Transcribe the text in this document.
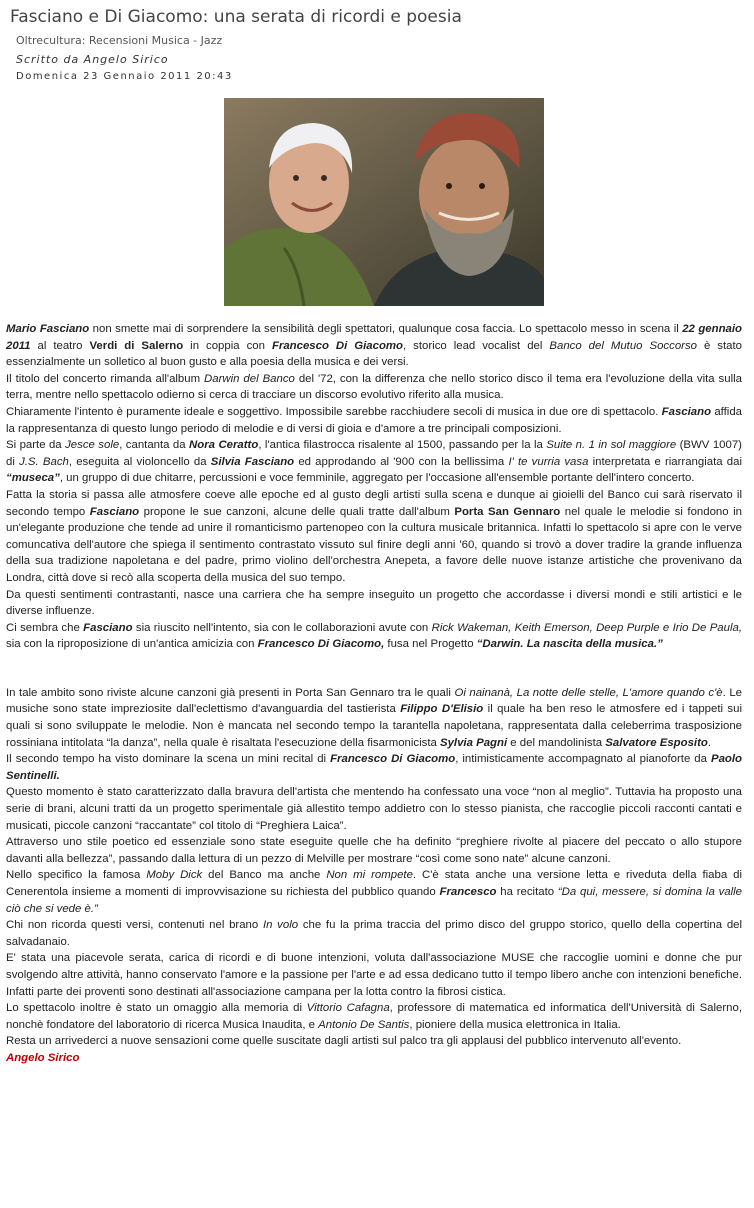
Fasciano e Di Giacomo: una serata di ricordi e poesia
Oltrecultura: Recensioni Musica - Jazz
Scritto da Angelo Sirico
Domenica 23 Gennaio 2011 20:43

Mario Fasciano non smette mai di sorprendere la sensibilità degli spettatori, qualunque cosa faccia. Lo spettacolo messo in scena il 22 gennaio 2011 al teatro Verdi di Salerno in coppia con Francesco Di Giacomo, storico lead vocalist del Banco del Mutuo Soccorso è stato essenzialmente un solletico al buon gusto e alla poesia della musica e dei versi.

Il titolo del concerto rimanda all'album Darwin del Banco del '72, con la differenza che nello storico disco il tema era l'evoluzione della vita sulla terra, mentre nello spettacolo odierno si cerca di tracciare un discorso evolutivo riferito alla musica.

Chiaramente l'intento è puramente ideale e soggettivo. Impossibile sarebbe racchiudere secoli di musica in due ore di spettacolo. Fasciano affida la rappresentanza di questo lungo periodo di melodie e di versi di gioia e d'amore a tre principali composizioni.

Si parte da Jesce sole, cantanta da Nora Ceratto, l'antica filastrocca risalente al 1500, passando per la la Suite n. 1 in sol maggiore (BWV 1007) di J.S. Bach, eseguita al violoncello da Silvia Fasciano ed approdando al '900 con la bellissima I' te vurria vasa interpretata e riarrangiata dai “museca”, un gruppo di due chitarre, percussioni e voce femminile, aggregato per l'occasione all'ensemble portante dell'intero concerto.

Fatta la storia si passa alle atmosfere coeve alle epoche ed al gusto degli artisti sulla scena e dunque ai gioielli del Banco cui sarà riservato il secondo tempo Fasciano propone le sue canzoni, alcune delle quali tratte dall'album Porta San Gennaro nel quale le melodie si fondono in un'elegante produzione che tende ad unire il romanticismo partenopeo con la cultura musicale britannica. Infatti lo spettacolo si apre con le verve comuncativa dell'autore che spiega il sentimento contrastato vissuto sul finire degli anni '60, quando si trovò a dover tradire la grande influenza della sua tradizione napoletana e del padre, primo violino dell'orchestra Anepeta, a favore delle nuove istanze artistiche che provenivano da Londra, città dove si recò alla scoperta della musica del suo tempo.

Da questi sentimenti contrastanti, nasce una carriera che ha sempre inseguito un progetto che accordasse i diversi mondi e stili artistici e le diverse influenze.

Ci sembra che Fasciano sia riuscito nell'intento, sia con le collaborazioni avute con Rick Wakeman, Keith Emerson, Deep Purple e Irio De Paula, sia con la riproposizione di un'antica amicizia con Francesco Di Giacomo, fusa nel Progetto “Darwin. La nascita della musica.”

In tale ambito sono riviste alcune canzoni già presenti in Porta San Gennaro tra le quali Oi nainanà, La notte delle stelle, L'amore quando c'è. Le musiche sono state impreziosite dall'eclettismo d'avanguardia del tastierista Filippo D'Elisio il quale ha ben reso le atmosfere ed i tappeti sui quali si sono sviluppate le melodie. Non è mancata nel secondo tempo la tarantella napoletana, rappresentata dalla celeberrima trasposizione rossiniana intitolata “la danza”, nella quale è risaltata l'esecuzione della fisarmonicista Sylvia Pagni e del mandolinista Salvatore Esposito.

Il secondo tempo ha visto dominare la scena un mini recital di Francesco Di Giacomo, intimisticamente accompagnato al pianoforte da Paolo Sentinelli.

Questo momento è stato caratterizzato dalla bravura dell'artista che mentendo ha confessato una voce “non al meglio”. Tuttavia ha proposto una serie di brani, alcuni tratti da un progetto sperimentale già allestito tempo addietro con lo stesso pianista, che raccoglie piccoli racconti cantati e musicati, piccole canzoni “raccantate” col titolo di “Preghiera Laica”.

Attraverso uno stile poetico ed essenziale sono state eseguite quelle che ha definito “preghiere rivolte al piacere del peccato o allo stupore davanti alla bellezza”, passando dalla lettura di un pezzo di Melville per mostrare “così come sono nate” alcune canzoni.

Nello specifico la famosa Moby Dick del Banco ma anche Non mi rompete. C'è stata anche una versione letta e riveduta della fiaba di Cenerentola insieme a momenti di improvvisazione su richiesta del pubblico quando Francesco ha recitato “Da qui, messere, si domina la valle ciò che si vede è.”

Chi non ricorda questi versi, contenuti nel brano In volo che fu la prima traccia del primo disco del gruppo storico, quello della copertina del salvadanaio.

E' stata una piacevole serata, carica di ricordi e di buone intenzioni, voluta dall'associazione MUSE che raccoglie uomini e donne che pur svolgendo altre attività, hanno conservato l'amore e la passione per l'arte e ad essa dedicano tutto il tempo libero anche con intenzioni benefiche. Infatti parte dei proventi sono destinati all'associazione campana per la lotta contro la fibrosi cistica.

Lo spettacolo inoltre è stato un omaggio alla memoria di Vittorio Cafagna, professore di matematica ed informatica dell'Università di Salerno, nonchè fondatore del laboratorio di ricerca Musica Inaudita, e Antonio De Santis, pioniere della musica elettronica in Italia.

Resta un arrivederci a nuove sensazioni come quelle suscitate dagli artisti sul palco tra gli applausi del pubblico intervenuto all'evento.

Angelo Sirico
